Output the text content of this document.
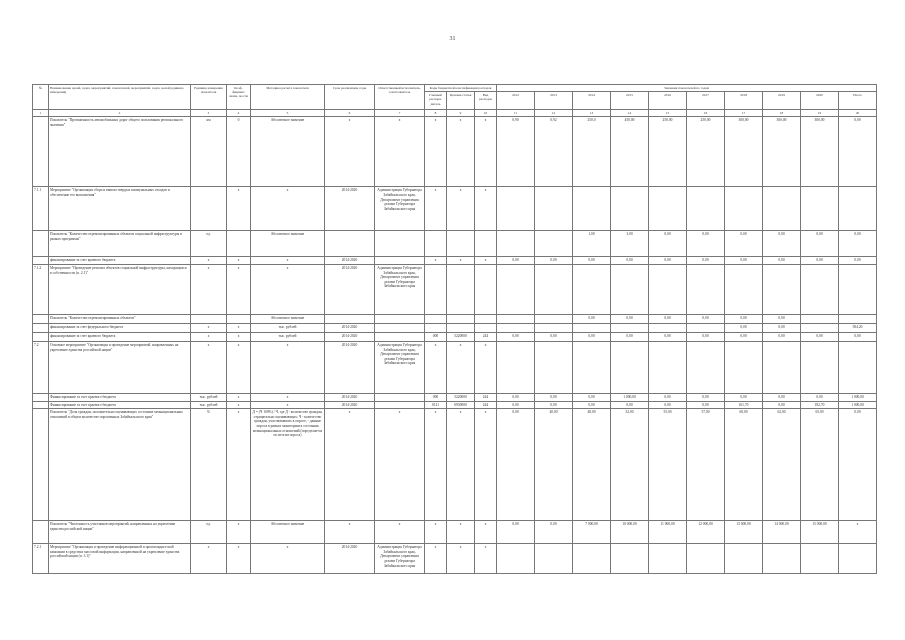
31
№	Наименование целей, задач, мероприятий, показателей, мероприятий, задач, целей (единица измерения)	Единица измерения показателя	Коэф- фициент значи- мости	Методика расчета показателя	Срок реализации, годы	Ответственный исполнитель, соисполнитель	Коды бюджетной классификации расходов			Значения показателей по годам									
							Главный распоря- дитель	Целевая статья	Вид расходов	2012	2013	2014	2015	2016	2017	2018	2019	2020	Итого
1	2	3	4	5	6	7	8	9	10	11	12	13	14	15	16	17	18	19	20
	Показатель "Протяженность автомобильных дорог общего пользования регионального значения"	км	0	Абсолютное значение	х	х	х	х	х	0,90	0,92	250,0	450,00	250,00	250,00	300,00	300,00	300,00	0,00
7.1.1	Мероприятие "Организация сбора и вывоза твердых коммунальных отходов и обеспечение его выполнения"		х	х	2014-2020	Администрация Губернатора Забайкальского края, Департамент управления делами Губернатора Забайкальского края	х	х	х										
	Показатель "Количество отремонтированных объектов социальной инфраструктуры в рамках программы"	ед.		Абсолютное значение								1,00	3,00	0,00	0,00	0,00	0,00	0,00	0,00
	финансирование за счет краевого бюджета	х	х	х	2014-2020		х	х	х	0,00	0,00	0,00	0,00	0,00	0,00	0,00	0,00	0,00	0,00
7.1.2	Мероприятие "Проведение ремонта объектов социальной инфраструктуры, находящихся в собственности (п. 2.1)"	х	х	х	2014-2020	Администрация Губернатора Забайкальского края, Департамент управления делами Губернатора Забайкальского края													
	Показатель "Количество отремонтированных объектов"			Абсолютное значение								0,00	0,00	0,00	0,00	0,00	0,00		
	финансирование за счет федерального бюджета	х	х	тыс. рублей	2014-2020											0,00	0,00		504,20
	финансирование за счет краевого бюджета	х	х	тыс. рублей	2014-2020		000	5220000	244	0,00	0,00	0,00	0,00	0,00	0,00	0,00	0,00	0,00	0,00
7.2	Основное мероприятие "Организация и проведение мероприятий, направленных на укрепление единства российской нации"	х	х	х	2014-2020	Администрация Губернатора Забайкальского края, Департамент управления делами Губернатора Забайкальского края	х	х	х										
	Финансирование за счет краевого бюджета	тыс. рублей	х	х	2014-2020		000	5220000	244	0,00	0,00	0,00	1 000,00	0,00	0,00	0,00	0,00	0,00	1 000,00
	Финансирование за счет краевого бюджета	тыс. рублей	х	х	2014-2020		0121	0930000	244	0,00	0,00	0,00	0,00	0,00	0,00	161,70	0,00	182,70	1 000,00
	Показатель "Доля граждан, положительно оценивающих состояние межнациональных отношений в общем количестве опрошенных Забайкальского края"	%	х	Д = (Ч 100%) / Ч, где Д - количество граждан, отрицательно оценивающих; Ч - количество граждан, участвовавших в опросе, - данные опроса в рамках мониторинга состояния межнациональных отношений (определяется по итогам опроса)	х	х	х	х	х	0,00	40,00	48,00	52,00	55,00	57,00	60,00	62,00	65,00	0,00
	Показатель "Численность участников мероприятий, направленных на укрепление единства российской нации"	ед.	х	Абсолютное значение	х	х	х	х	х	0,00	0,00	7 000,00	10 000,00	11 000,00	12 000,00	13 000,00	14 000,00	15 000,00	х
7.2.1	Мероприятие "Организация и проведение информационной и пропагандистской кампании в средствах массовой информации, направленной на укрепление единства российской нации (п. 3.1)"	х	х	х	2014-2020	Администрация Губернатора Забайкальского края, Департамент управления делами Губернатора Забайкальского края	х	х	х										
